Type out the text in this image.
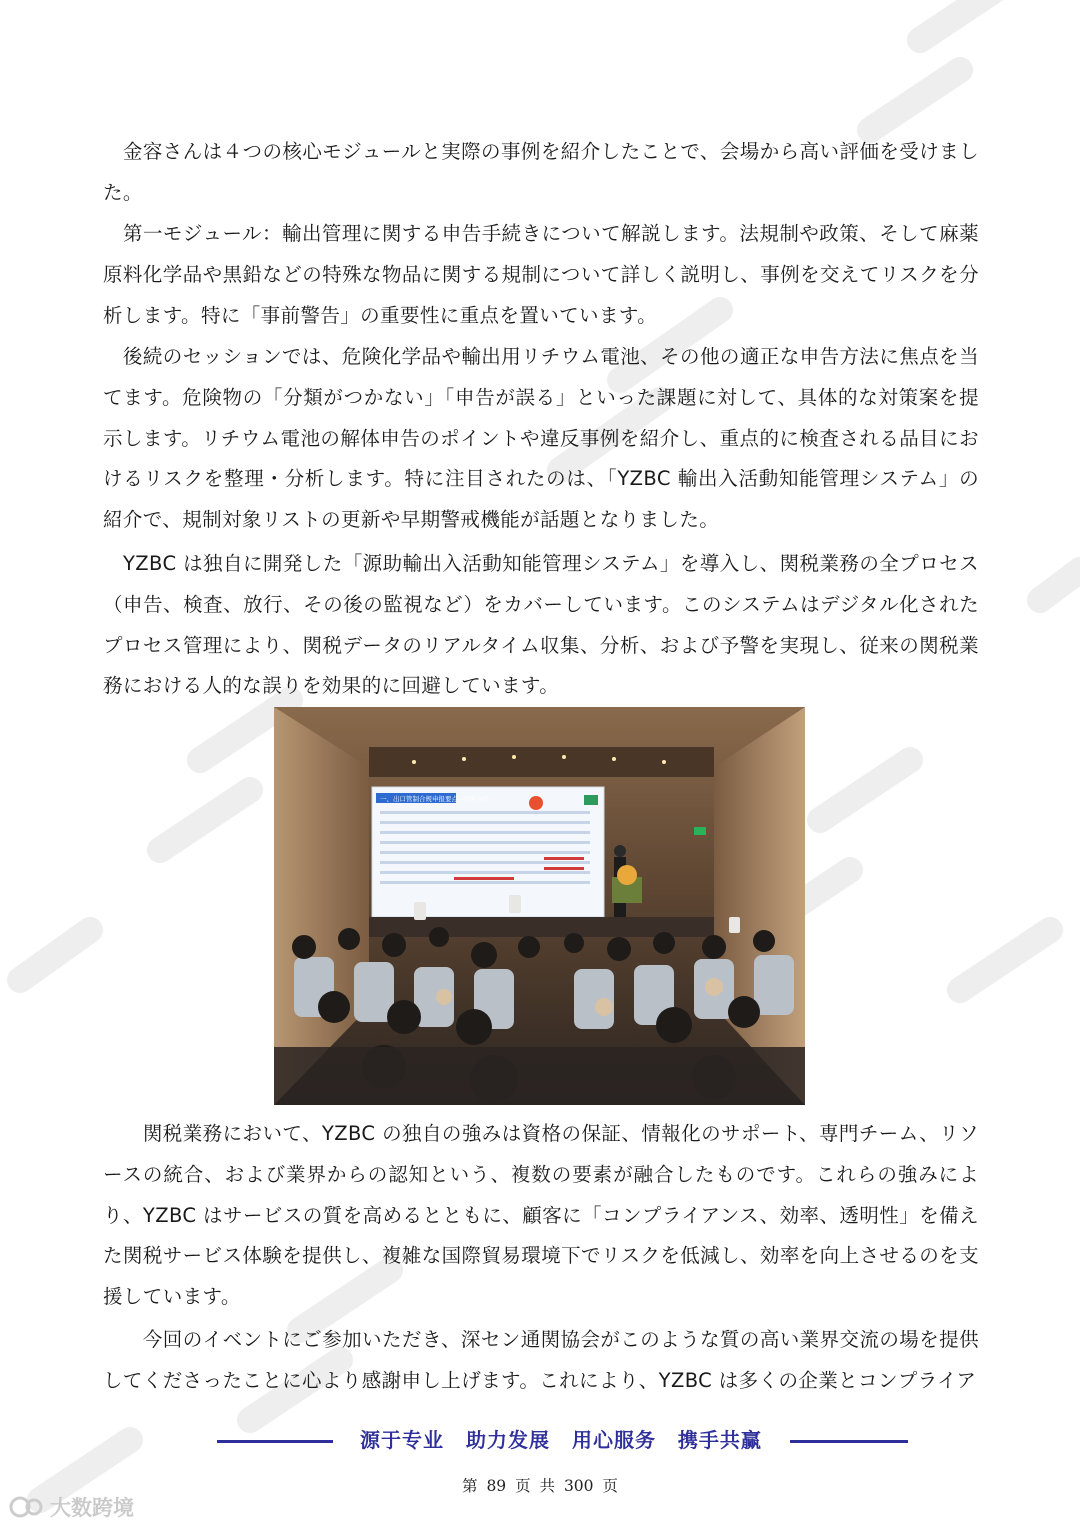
　金容さんは４つの核心モジュールと実際の事例を紹介したことで、会場から高い評価を受けました。

　第一モジュール：輸出管理に関する申告手続きについて解説します。法規制や政策、そして麻薬原料化学品や黒鉛などの特殊な物品に関する規制について詳しく説明し、事例を交えてリスクを分析します。特に「事前警告」の重要性に重点を置いています。

　後続のセッションでは、危険化学品や輸出用リチウム電池、その他の適正な申告方法に焦点を当てます。危険物の「分類がつかない」「申告が誤る」といった課題に対して、具体的な対策案を提示します。リチウム電池の解体申告のポイントや違反事例を紹介し、重点的に検査される品目におけるリスクを整理・分析します。特に注目されたのは、「YZBC 輸出入活動知能管理システム」の紹介で、規制対象リストの更新や早期警戒機能が話題となりました。

　YZBC は独自に開発した「源助輸出入活動知能管理システム」を導入し、関税業務の全プロセス（申告、検査、放行、その後の監視など）をカバーしています。このシステムはデジタル化されたプロセス管理により、関税データのリアルタイム収集、分析、および予警を実現し、従来の関税業務における人的な誤りを効果的に回避しています。

一、出口管制合规申报要点--案例分析

　　関税業務において、YZBC の独自の強みは資格の保証、情報化のサポート、専門チーム、リソースの統合、および業界からの認知という、複数の要素が融合したものです。これらの強みにより、YZBC はサービスの質を高めるとともに、顧客に「コンプライアンス、効率、透明性」を備えた関税サービス体験を提供し、複雑な国際貿易環境下でリスクを低減し、効率を向上させるのを支援しています。

　　今回のイベントにご参加いただき、深セン通関協会がこのような質の高い業界交流の場を提供してくださったことに心より感謝申し上げます。これにより、YZBC は多くの企業とコンプライア

源于专业 助力发展 用心服务 携手共赢
第 89 页 共 300 页
大数跨境
